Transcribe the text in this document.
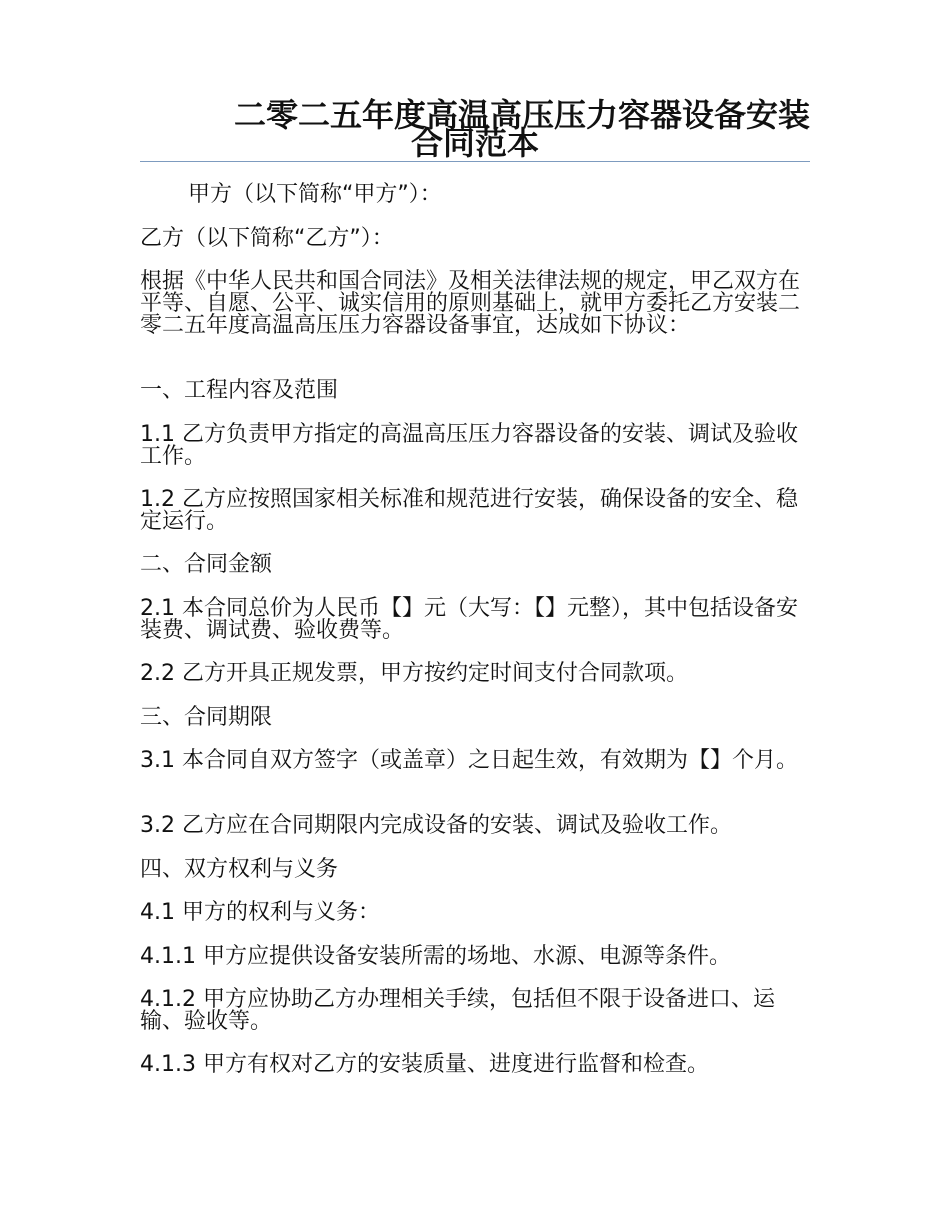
二零二五年度高温高压压力容器设备安装
合同范本

甲方（以下简称“甲方”）：

乙方（以下简称“乙方”）：

根据《中华人民共和国合同法》及相关法律法规的规定，甲乙双方在平等、自愿、公平、诚实信用的原则基础上，就甲方委托乙方安装二零二五年度高温高压压力容器设备事宜，达成如下协议：

一、工程内容及范围

1.1 乙方负责甲方指定的高温高压压力容器设备的安装、调试及验收工作。

1.2 乙方应按照国家相关标准和规范进行安装，确保设备的安全、稳定运行。

二、合同金额

2.1 本合同总价为人民币【】元（大写：【】元整），其中包括设备安装费、调试费、验收费等。

2.2 乙方开具正规发票，甲方按约定时间支付合同款项。

三、合同期限

3.1 本合同自双方签字（或盖章）之日起生效，有效期为【】个月。

3.2 乙方应在合同期限内完成设备的安装、调试及验收工作。

四、双方权利与义务

4.1 甲方的权利与义务：

4.1.1 甲方应提供设备安装所需的场地、水源、电源等条件。

4.1.2 甲方应协助乙方办理相关手续，包括但不限于设备进口、运输、验收等。

4.1.3 甲方有权对乙方的安装质量、进度进行监督和检查。
